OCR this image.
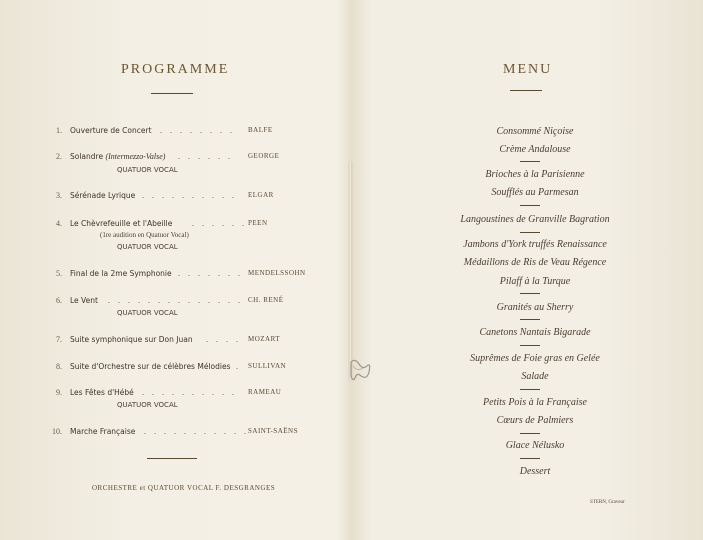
PROGRAMME
1. Ouverture de Concert . . . . . . . . BALFE
2. Solandre (Intermezzo-Valse) . . . . . . GEORGE
QUATUOR VOCAL
3. Sérénade Lyrique . . . . . . . . . . ELGAR
4. Le Chèvrefeuille et l'Abeille . . . . . . PEEN
(1re audition en Quatuor Vocal)
QUATUOR VOCAL
5. Final de la 2me Symphonie . . . . . . . MENDELSSOHN
6. Le Vent . . . . . . . . . . . . . . CH. RENÉ
QUATUOR VOCAL
7. Suite symphonique sur Don Juan . . . . MOZART
8. Suite d'Orchestre sur de célèbres Mélodies . SULLIVAN
9. Les Fêtes d'Hébé . . . . . . . . . . RAMEAU
QUATUOR VOCAL
10. Marche Française . . . . . . . . . . . SAINT-SAËNS
ORCHESTRE et QUATUOR VOCAL F. DESGRANGES
MENU
Consommé Niçoise
Crème Andalouse
Brioches à la Parisienne
Soufflés au Parmesan
Langoustines de Granville Bagration
Jambons d'York truffés Renaissance
Médaillons de Ris de Veau Régence
Pilaff à la Turque
Granités au Sherry
Canetons Nantais Bigarade
Suprêmes de Foie gras en Gelée
Salade
Petits Pois à la Française
Cœurs de Palmiers
Glace Nélusko
Dessert
STERN, Graveur
